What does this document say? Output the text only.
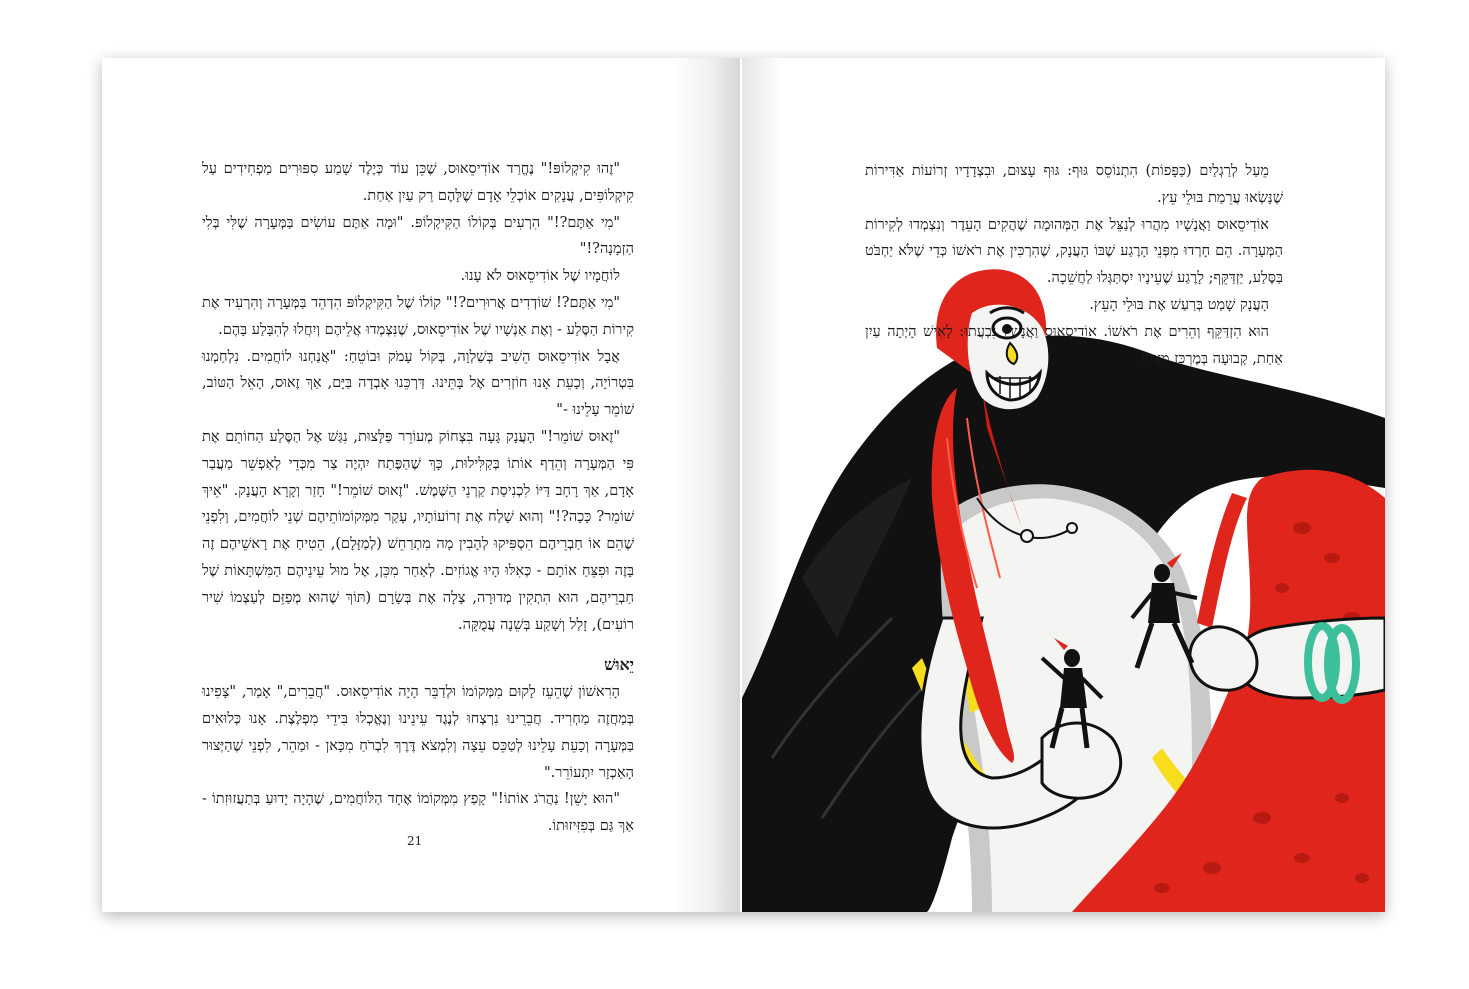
"זֶהוּ קִיקְלוֹפּ!" נֶחֱרַד אוֹדִיסֵאוּס, שֶׁכֵּן עוֹד כְּיֶלֶד שָׁמַע סִפּוּרִים מַפְחִידִים עַל קִיקְלוֹפִּים, עֲנָקִים אוֹכְלֵי אָדָם שֶׁלָּהֶם רַק עַיִן אַחַת.

"מִי אַתֶּם?!" הִרְעִים בְּקוֹלוֹ הַקִּיקְלוֹפּ. "וּמָה אַתֶּם עוֹשִׂים בַּמְּעָרָה שֶׁלִּי בְּלִי הַזְמָנָה?!"

לוֹחֲמָיו שֶׁל אוֹדִיסֵאוּס לֹא עָנוּ.

"מִי אַתֶּם?! שׁוֹדְדִים אֲרוּרִים?!" קוֹלוֹ שֶׁל הַקִּיקְלוֹפּ הִדְהֵד בַּמְּעָרָה וְהִרְעִיד אֶת קִירוֹת הַסֶּלַע - וְאֶת אַנְשָׁיו שֶׁל אוֹדִיסֵאוּס, שֶׁנִּצְמְדוּ אֲלֵיהֶם וְיִחֲלוּ לְהִבָּלַע בָּהֶם.

אֲבָל אוֹדִיסֵאוּס הֵשִׁיב בְּשַׁלְוָה, בְּקוֹל עָמֹק וּבוֹטֵחַ: "אֲנַחְנוּ לוֹחֲמִים. נִלְחַמְנוּ בִּטְרוֹיָה, וְכָעֵת אָנוּ חוֹזְרִים אֶל בָּתֵּינוּ. דַּרְכֵּנוּ אָבְדָה בַּיָּם, אַךְ זֶאוּס, הָאֵל הַטּוֹב, שׁוֹמֵר עָלֵינוּ -"

"זֶאוּס שׁוֹמֵר!" הָעֲנָק גָּעָה בִּצְחוֹק מְעוֹרֵר פַּלָּצוּת, נִגַּשׁ אֶל הַסֶּלַע הַחוֹתֵם אֶת פִּי הַמְּעָרָה וְהֵדַף אוֹתוֹ בְּקַלִּילוּת, כָּךְ שֶׁהַפֶּתַח יִהְיֶה צַר מִכְּדֵי לְאַפְשֵׁר מַעֲבַר אָדָם, אַךְ רָחָב דַּיּוֹ לִכְנִיסַת קַרְנֵי הַשֶּׁמֶשׁ. "זֶאוּס שׁוֹמֵר!" חָזַר וְקָרָא הָעֲנָק. "אֵיךְ שׁוֹמֵר? כָּכָה?!" וְהוּא שָׁלַח אֶת זְרוֹעוֹתָיו, עָקַר מִמְּקוֹמוֹתֵיהֶם שְׁנֵי לוֹחֲמִים, וְלִפְנֵי שֶׁהֵם אוֹ חַבְרֵיהֶם הִסְפִּיקוּ לְהָבִין מָה מִתְרַחֵשׁ (לְמַזָּלָם), הֵטִיחַ אֶת רָאשֵׁיהֶם זֶה בָּזֶה וּפִצֵּחַ אוֹתָם - כְּאִלּוּ הָיוּ אֱגוֹזִים. לְאַחַר מִכֵּן, אֶל מוּל עֵינֵיהֶם הַמִּשְׁתָּאוֹת שֶׁל חַבְרֵיהֶם, הוּא הִתְקִין מְדוּרָה, צָלָה אֶת בְּשָׂרָם (תּוֹךְ שֶׁהוּא מְפַזֵּם לְעַצְמוֹ שִׁיר רוֹעִים), זָלַל וְשָׁקַע בְּשֵׁנָה עֲמֻקָּה.

יֵאוּשׁ

הָרִאשׁוֹן שֶׁהֵעֵז לָקוּם מִמְּקוֹמוֹ וּלְדַבֵּר הָיָה אוֹדִיסֵאוּס. "חֲבֵרִים," אָמַר, "צָפִינוּ בְּמַחֲזֶה מַחְרִיד. חֲבֵרֵינוּ נִרְצְחוּ לְנֶגֶד עֵינֵינוּ וְנֶאֱכְלוּ בִּידֵי מִפְלֶצֶת. אָנוּ כְּלוּאִים בַּמְּעָרָה וְכָעֵת עָלֵינוּ לְטַכֵּס עֵצָה וְלִמְצֹא דֶּרֶךְ לִבְרֹחַ מִכָּאן - וּמַהֵר, לִפְנֵי שֶׁהַיְּצוּר הָאַכְזָר יִתְעוֹרֵר."

"הוּא יָשֵׁן! נַהֲרֹג אוֹתוֹ!" קָפַץ מִמְּקוֹמוֹ אֶחָד הַלּוֹחֲמִים, שֶׁהָיָה יָדוּעַ בְּתַעֲזוּזִתוֹ - אַךְ גַּם בְּפִזִּיזוּתוֹ.

21

מֵעַל לְרַגְלַיִם (כַּפָּפוֹת) הִתְנוֹסֵס גּוּף: גּוּף עָצוּם, וּבִצְדָדָיו זְרוֹעוֹת אַדִּירוֹת שֶׁנָּשְׂאוּ עֲרֵמַת בּוּלֵי עֵץ.

אוֹדִיסֵאוּס וַאֲנָשָׁיו מִהֲרוּ לְנַצֵּל אֶת הַמְּהוּמָה שֶׁהֲקִים הָעֵדֶר וְנִצְמְדוּ לְקִירוֹת הַמְּעָרָה. הֵם חָרְדוּ מִפְּנֵי הָרֶגַע שֶׁבּוֹ הָעֲנָק, שֶׁהִרְכִּין אֶת רֹאשׁוֹ כְּדֵי שֶׁלֹּא יַחְבֹּט בַּסֶּלַע, יַזְדַּקֵּף; לָרֶגַע שֶׁעֵינָיו יִסְתַּגְּלוּ לַחֲשֵׁכָה.

הָעֲנָק שָׁמַט בְּרַעַשׁ אֶת בּוּלֵי הָעֵץ.

הוּא הִזְדַּקֵּף וְהֵרִים אֶת רֹאשׁוֹ. אוֹדִיסֵאוּס וַאֲנָשָׁיו נִבְעֲתוּ: לָאִישׁ הָיְתָה עַיִן אַחַת, קְבוּעָה בְּמֶרְכַּז מִצְחוֹ.
